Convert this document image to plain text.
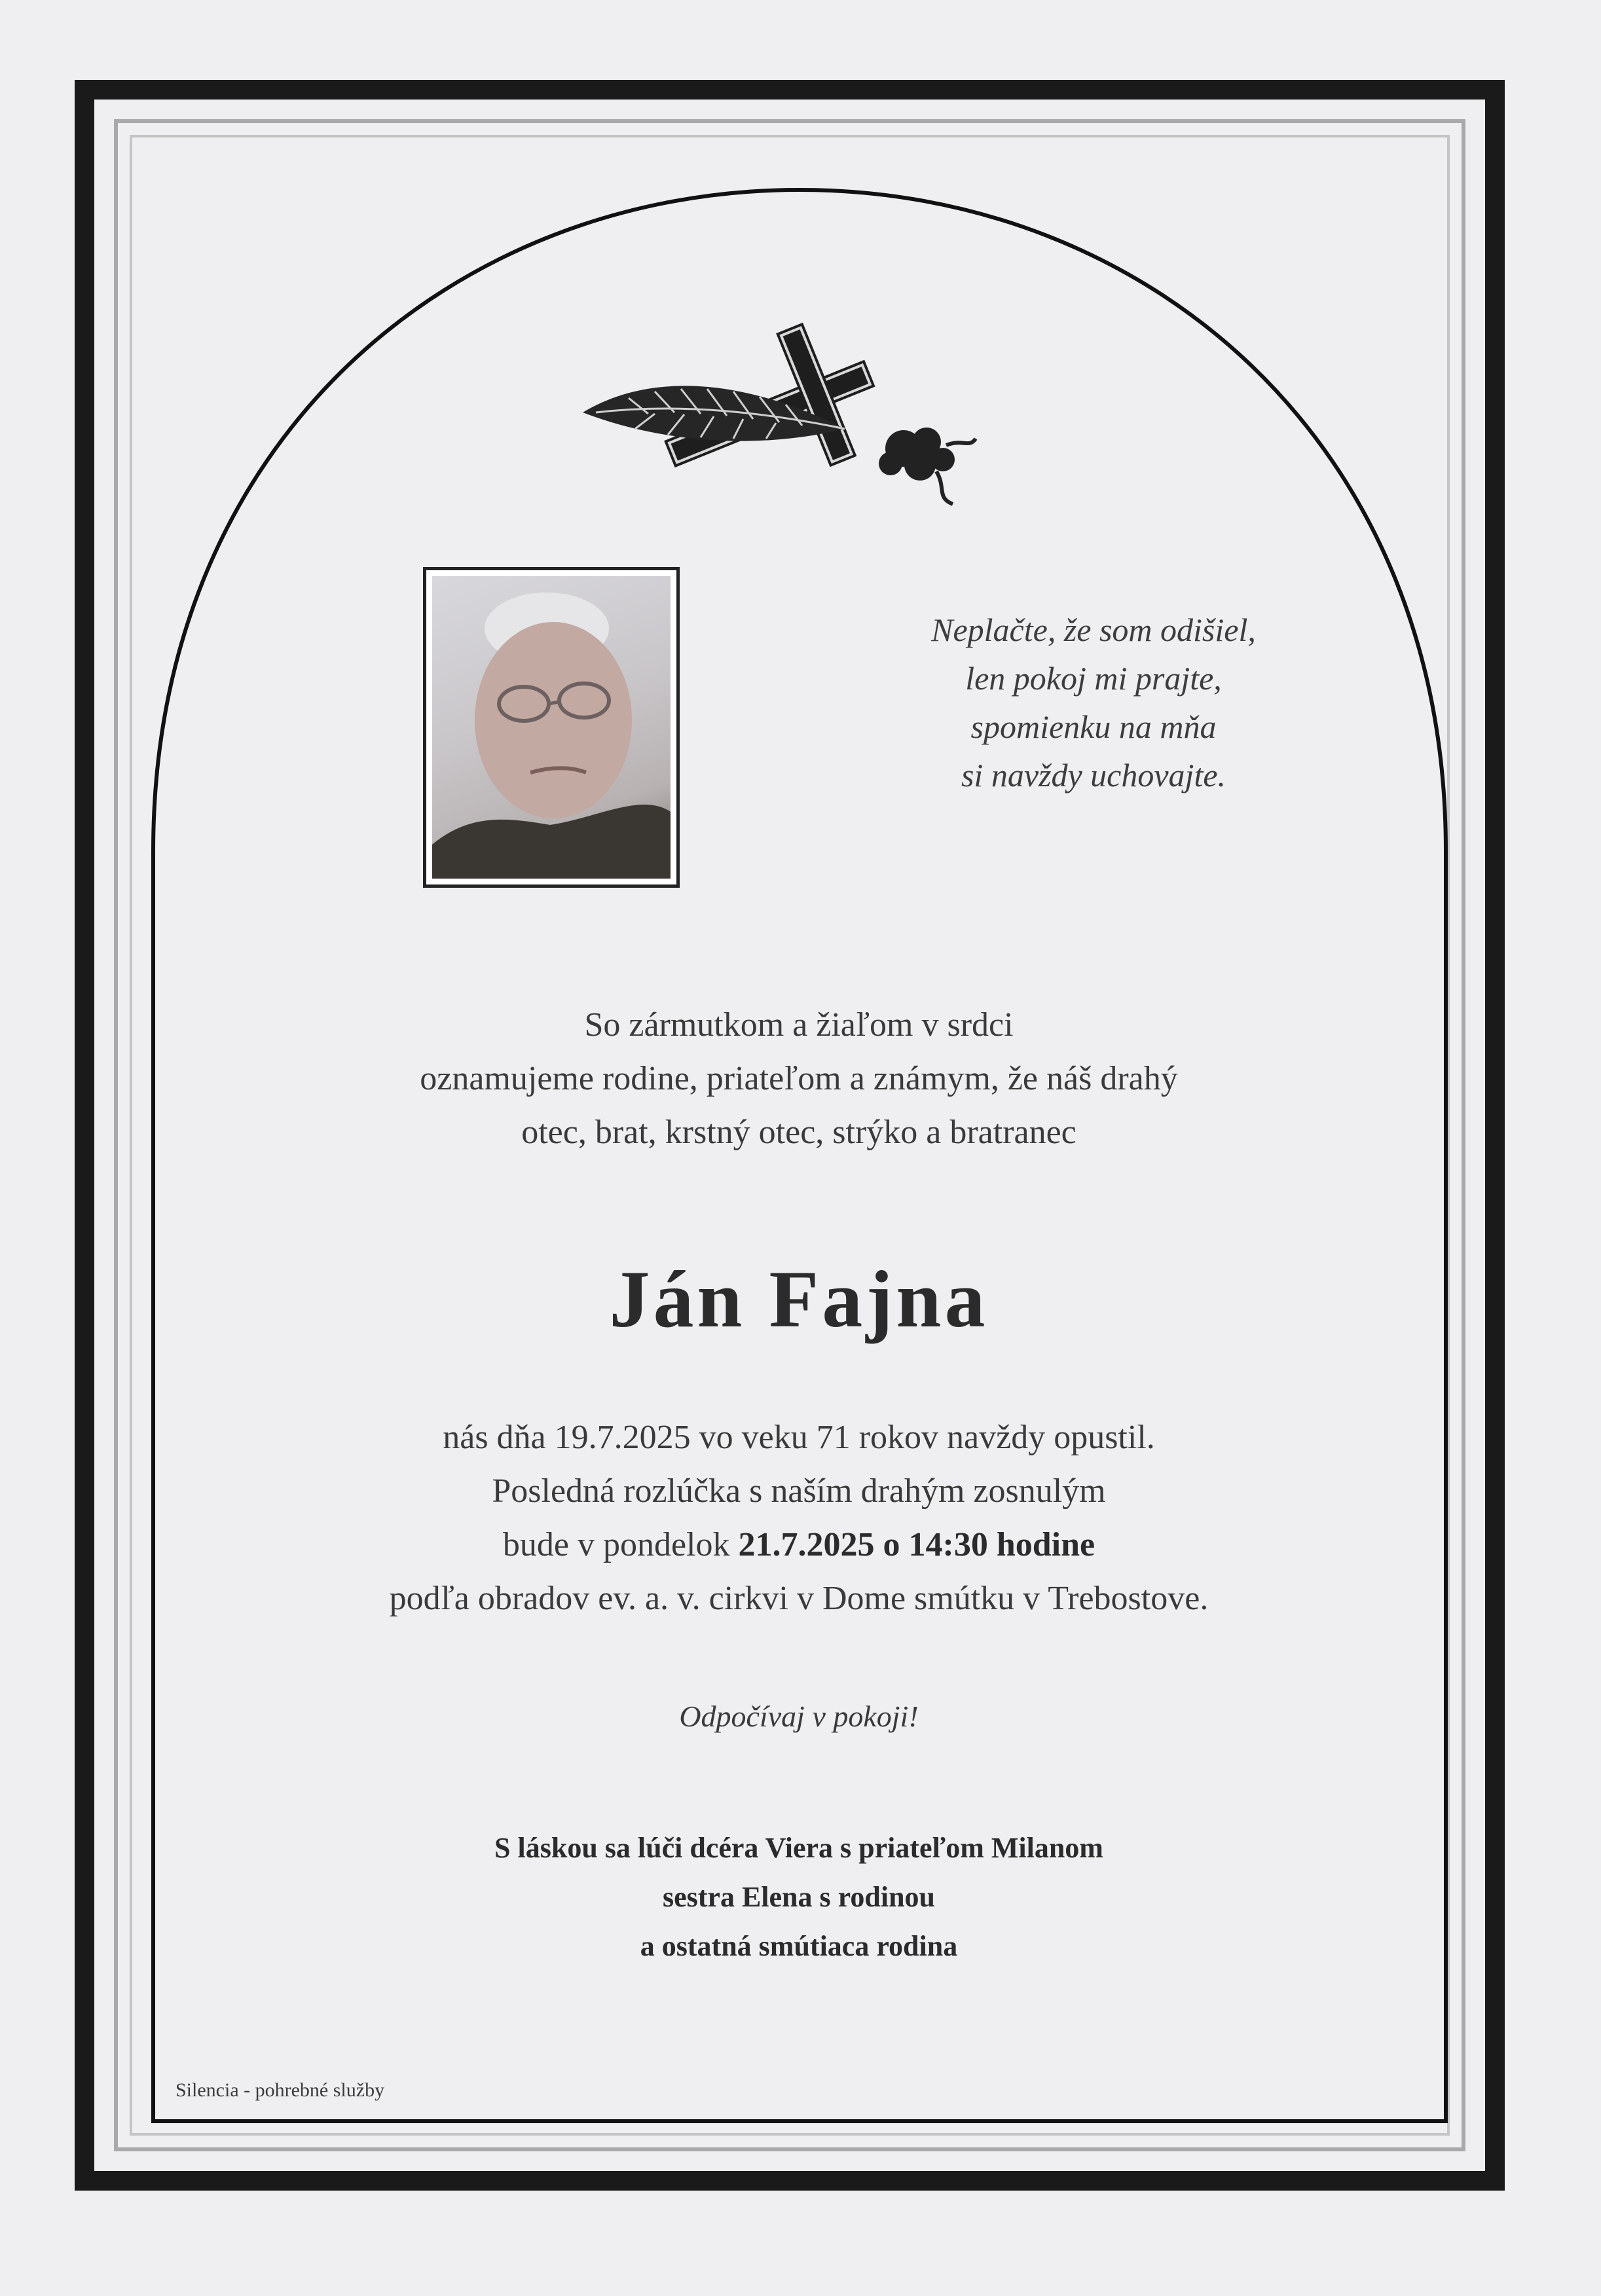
Neplačte, že som odišiel,
len pokoj mi prajte,
spomienku na mňa
si navždy uchovajte.
So zármutkom a žiaľom v srdci
oznamujeme rodine, priateľom a známym, že náš drahý
otec, brat, krstný otec, strýko a bratranec
Ján Fajna
nás dňa 19.7.2025 vo veku 71 rokov navždy opustil.
Posledná rozlúčka s naším drahým zosnulým
bude v pondelok 21.7.2025 o 14:30 hodine
podľa obradov ev. a. v. cirkvi v Dome smútku v Trebostove.
Odpočívaj v pokoji!
S láskou sa lúči dcéra Viera s priateľom Milanom
sestra Elena s rodinou
a ostatná smútiaca rodina
Silencia - pohrebné služby
